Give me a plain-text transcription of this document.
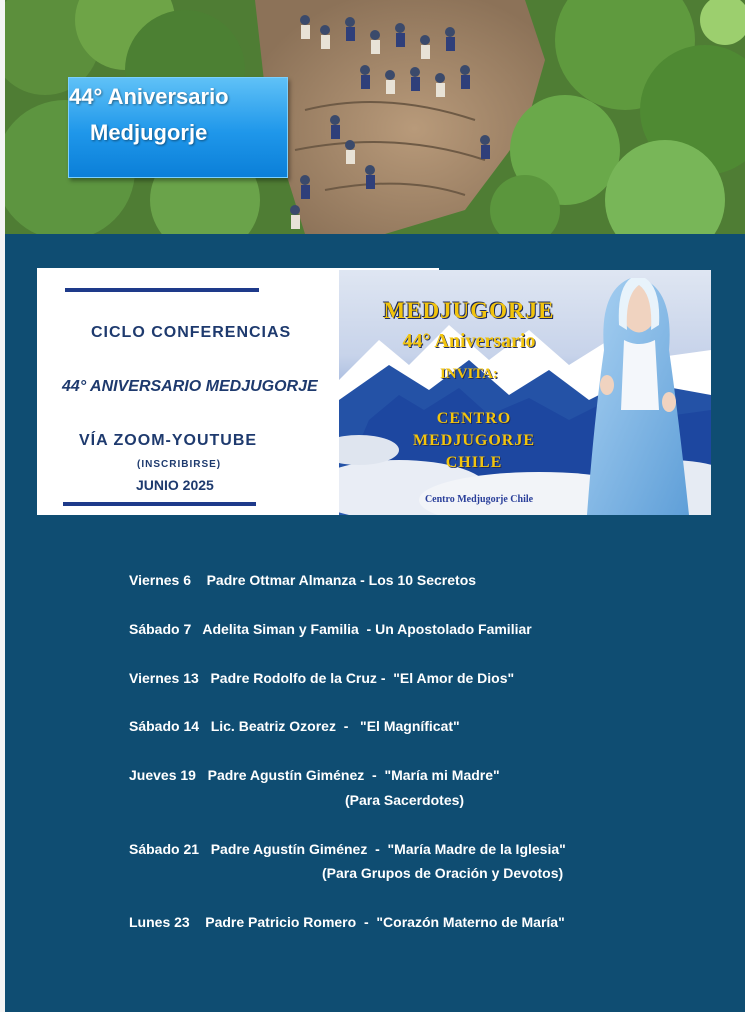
44° Aniversario
Medjugorje
CICLO CONFERENCIAS
44° ANIVERSARIO MEDJUGORJE
VÍA ZOOM-YOUTUBE
(INSCRIBIRSE)
JUNIO 2025
MEDJUGORJE
44° Aniversario
INVITA:
CENTRO
MEDJUGORJE
CHILE
Centro Medjugorje Chile
Viernes 6    Padre Ottmar Almanza - Los 10 Secretos
Sábado 7   Adelita Siman y Familia  - Un Apostolado Familiar
Viernes 13   Padre Rodolfo de la Cruz -  "El Amor de Dios"
Sábado 14   Lic. Beatriz Ozorez  -   "El Magníficat"
Jueves 19   Padre Agustín Giménez  -  "María mi Madre"
(Para Sacerdotes)
Sábado 21   Padre Agustín Giménez  -  "María Madre de la Iglesia"
(Para Grupos de Oración y Devotos)
Lunes 23    Padre Patricio Romero  -  "Corazón Materno de María"
